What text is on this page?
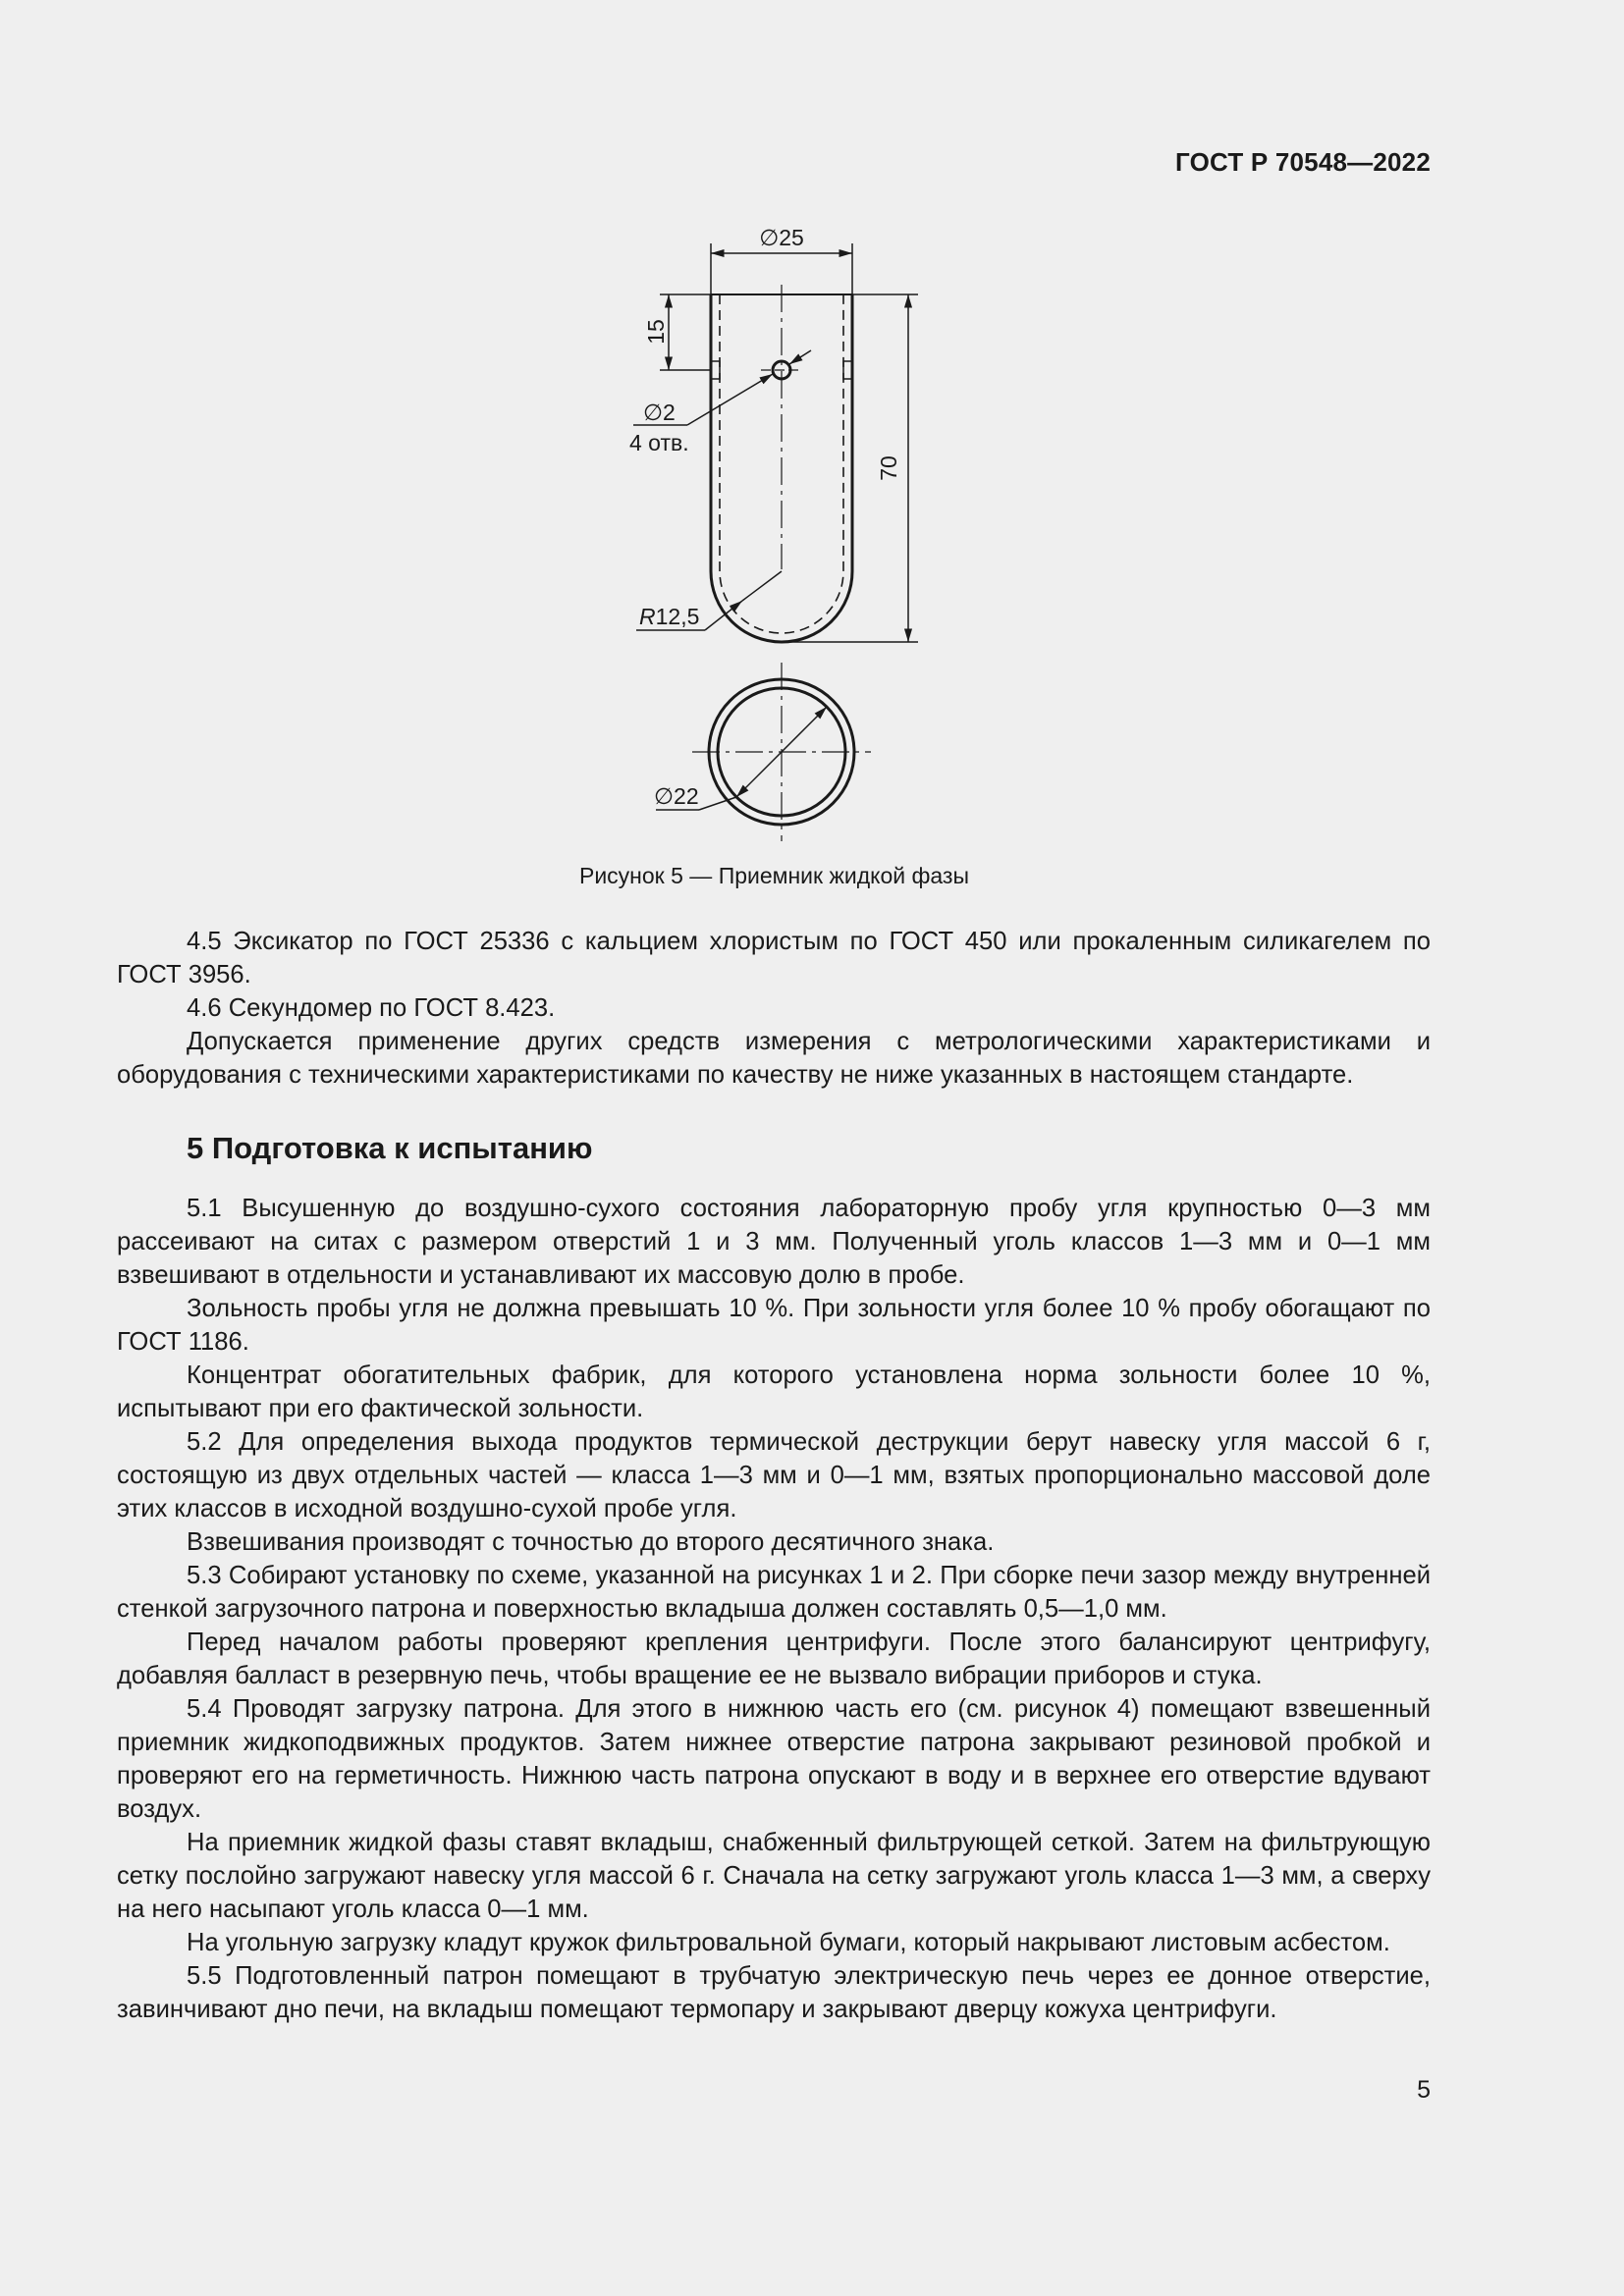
ГОСТ Р 70548—2022
∅25
15
70
∅2
4 отв.
R12,5
∅22
Рисунок 5 — Приемник жидкой фазы

4.5 Эксикатор по ГОСТ 25336 с кальцием хлористым по ГОСТ 450 или прокаленным силикагелем по ГОСТ 3956.

4.6 Секундомер по ГОСТ 8.423.

Допускается применение других средств измерения с метрологическими характеристиками и оборудования с техническими характеристиками по качеству не ниже указанных в настоящем стандарте.

5 Подготовка к испытанию

5.1 Высушенную до воздушно-сухого состояния лабораторную пробу угля крупностью 0—3 мм рассеивают на ситах с размером отверстий 1 и 3 мм. Полученный уголь классов 1—3 мм и 0—1 мм взвешивают в отдельности и устанавливают их массовую долю в пробе.

Зольность пробы угля не должна превышать 10 %. При зольности угля более 10 % пробу обогащают по ГОСТ 1186.

Концентрат обогатительных фабрик, для которого установлена норма зольности более 10 %, испытывают при его фактической зольности.

5.2 Для определения выхода продуктов термической деструкции берут навеску угля массой 6 г, состоящую из двух отдельных частей — класса 1—3 мм и 0—1 мм, взятых пропорционально массовой доле этих классов в исходной воздушно-сухой пробе угля.

Взвешивания производят с точностью до второго десятичного знака.

5.3 Собирают установку по схеме, указанной на рисунках 1 и 2. При сборке печи зазор между внутренней стенкой загрузочного патрона и поверхностью вкладыша должен составлять 0,5—1,0 мм.

Перед началом работы проверяют крепления центрифуги. После этого балансируют центрифугу, добавляя балласт в резервную печь, чтобы вращение ее не вызвало вибрации приборов и стука.

5.4 Проводят загрузку патрона. Для этого в нижнюю часть его (см. рисунок 4) помещают взвешенный приемник жидкоподвижных продуктов. Затем нижнее отверстие патрона закрывают резиновой пробкой и проверяют его на герметичность. Нижнюю часть патрона опускают в воду и в верхнее его отверстие вдувают воздух.

На приемник жидкой фазы ставят вкладыш, снабженный фильтрующей сеткой. Затем на фильтрующую сетку послойно загружают навеску угля массой 6 г. Сначала на сетку загружают уголь класса 1—3 мм, а сверху на него насыпают уголь класса 0—1 мм.

На угольную загрузку кладут кружок фильтровальной бумаги, который накрывают листовым асбестом.

5.5 Подготовленный патрон помещают в трубчатую электрическую печь через ее донное отверстие, завинчивают дно печи, на вкладыш помещают термопару и закрывают дверцу кожуха центрифуги.

5
